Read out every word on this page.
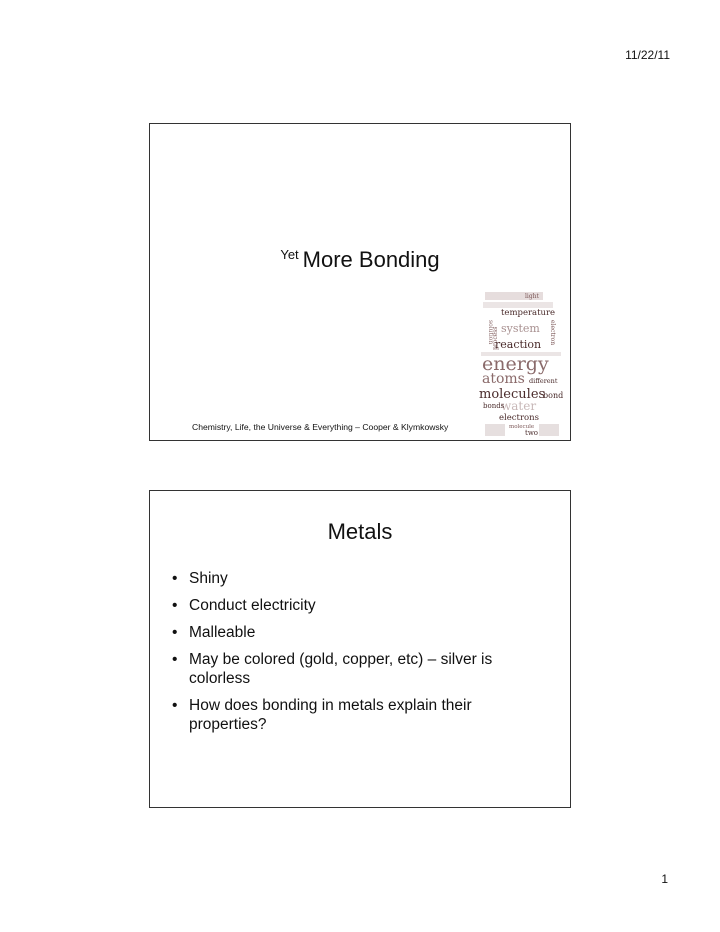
11/22/11
$^{Yet}$ More Bonding
light
temperature
electron
solution system
process
reaction
energy
atoms different
molecules
bond
water
bonds
electrons
molecule
two
Chemistry, Life, the Universe & Everything – Cooper & Klymkowsky
Metals
• Shiny
• Conduct electricity
• Malleable
• May be colored (gold, copper, etc) – silver is colorless
• How does bonding in metals explain their properties?
1
